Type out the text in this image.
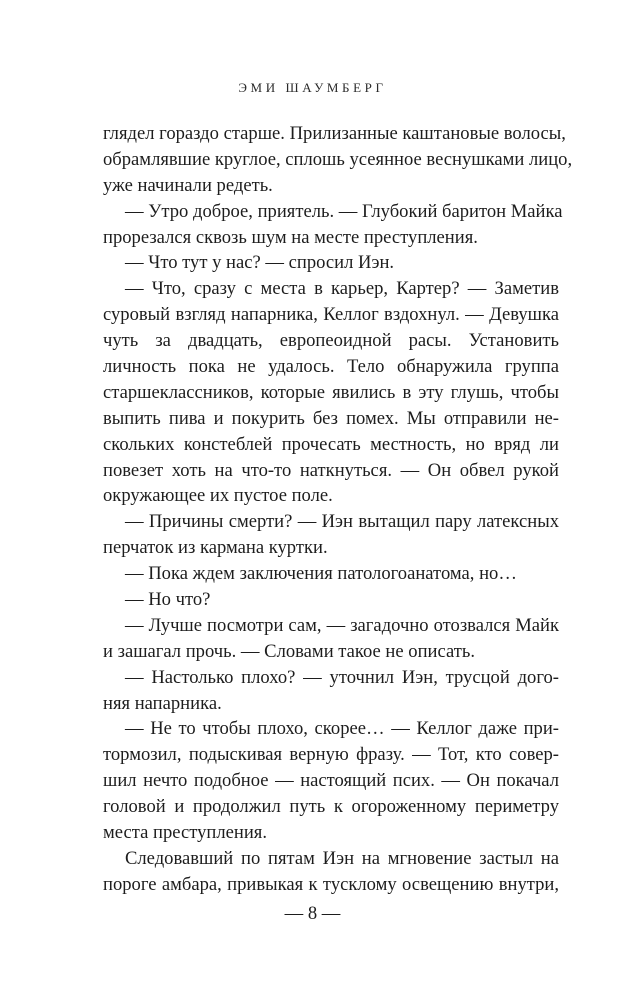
ЭМИ ШАУМБЕРГ
глядел гораздо старше. Прилизанные каштановые волосы,
обрамлявшие круглое, сплошь усеянное веснушками лицо,
уже начинали редеть.
— Утро доброе, приятель. — Глубокий баритон Майка
прорезался сквозь шум на месте преступления.
— Что тут у нас? — спросил Иэн.
— Что, сразу с места в карьер, Картер? — Заметив
суровый взгляд напарника, Келлог вздохнул. — Девушка
чуть за двадцать, европеоидной расы. Установить
личность пока не удалось. Тело обнаружила группа
старшеклассников, которые явились в эту глушь, чтобы
выпить пива и покурить без помех. Мы отправили не-
скольких констеблей прочесать местность, но вряд ли
повезет хоть на что-то наткнуться. — Он обвел рукой
окружающее их пустое поле.
— Причины смерти? — Иэн вытащил пару латексных
перчаток из кармана куртки.
— Пока ждем заключения патологоанатома, но…
— Но что?
— Лучше посмотри сам, — загадочно отозвался Майк
и зашагал прочь. — Словами такое не описать.
— Настолько плохо? — уточнил Иэн, трусцой дого-
няя напарника.
— Не то чтобы плохо, скорее… — Келлог даже при-
тормозил, подыскивая верную фразу. — Тот, кто совер-
шил нечто подобное — настоящий псих. — Он покачал
головой и продолжил путь к огороженному периметру
места преступления.
Следовавший по пятам Иэн на мгновение застыл на
пороге амбара, привыкая к тусклому освещению внутри,
— 8 —
